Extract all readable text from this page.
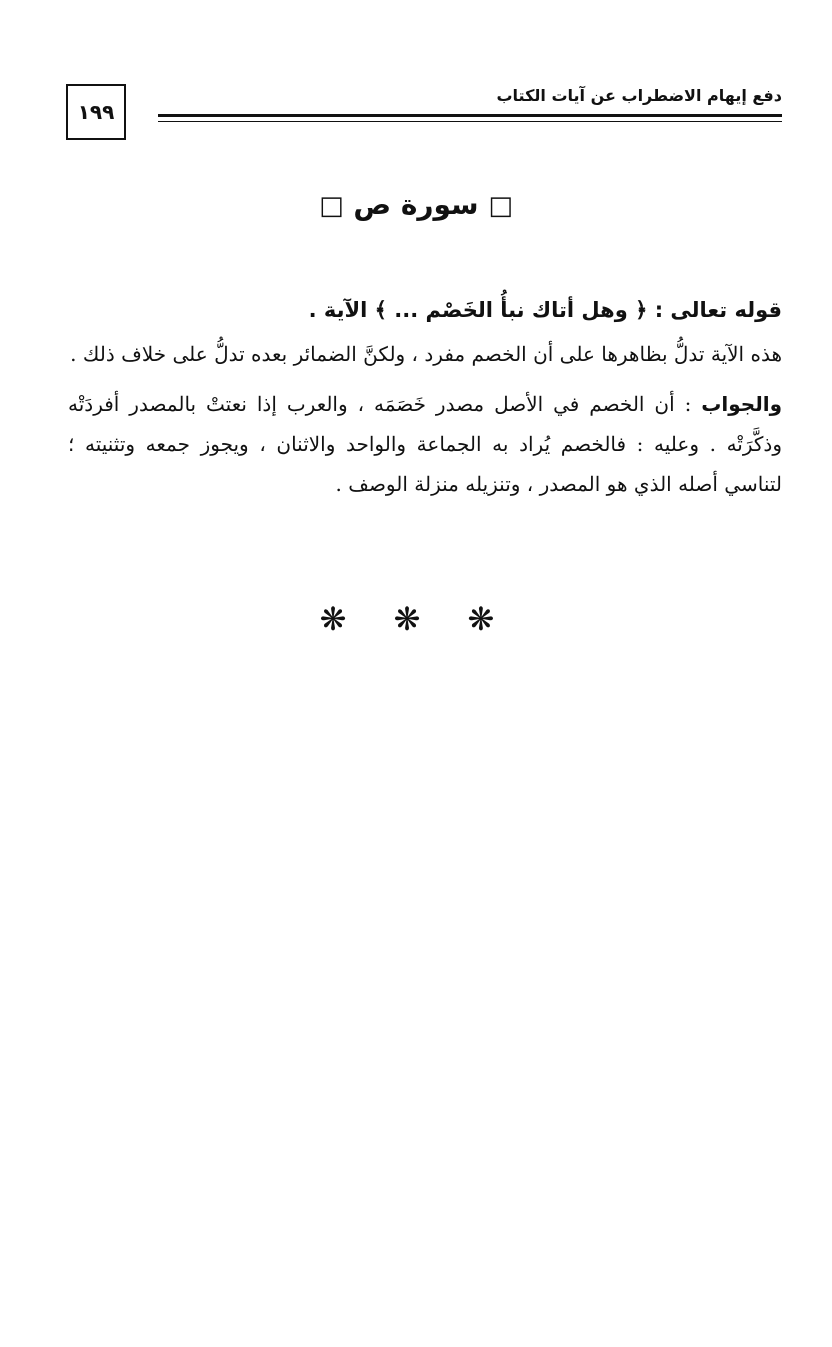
١٩٩
دفع إيهام الاضطراب عن آيات الكتاب
□ سورة ص □
قوله تعالى : ﴿ وهل أتاك نبأُ الخَصْم ... ﴾ الآية .

هذه الآية تدلُّ بظاهرها على أن الخصم مفرد ، ولكنَّ الضمائر بعده تدلُّ على خلاف ذلك .

والجواب : أن الخصم في الأصل مصدر خَصَمَه ، والعرب إذا نعتتْ بالمصدر أفردَتْه وذكَّرَتْه . وعليه : فالخصم يُراد به الجماعة والواحد والاثنان ، ويجوز جمعه وتثنيته ؛ لتناسي أصله الذي هو المصدر ، وتنزيله منزلة الوصف .

❋ ❋ ❋
